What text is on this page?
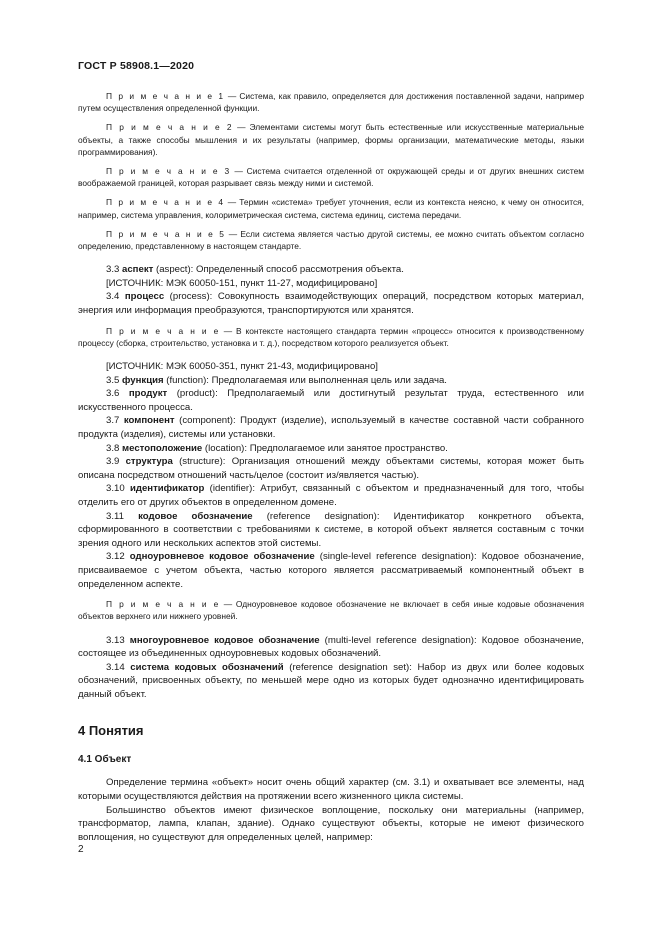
ГОСТ Р 58908.1—2020

П р и м е ч а н и е 1 — Система, как правило, определяется для достижения поставленной задачи, например путем осуществления определенной функции.

П р и м е ч а н и е 2 — Элементами системы могут быть естественные или искусственные материальные объекты, а также способы мышления и их результаты (например, формы организации, математические методы, языки программирования).

П р и м е ч а н и е 3 — Система считается отделенной от окружающей среды и от других внешних систем воображаемой границей, которая разрывает связь между ними и системой.

П р и м е ч а н и е 4 — Термин «система» требует уточнения, если из контекста неясно, к чему он относится, например, система управления, колориметрическая система, система единиц, система передачи.

П р и м е ч а н и е 5 — Если система является частью другой системы, ее можно считать объектом согласно определению, представленному в настоящем стандарте.

3.3 аспект (aspect): Определенный способ рассмотрения объекта.

[ИСТОЧНИК: МЭК 60050-151, пункт 11-27, модифицировано]

3.4 процесс (process): Совокупность взаимодействующих операций, посредством которых материал, энергия или информация преобразуются, транспортируются или хранятся.

П р и м е ч а н и е — В контексте настоящего стандарта термин «процесс» относится к производственному процессу (сборка, строительство, установка и т. д.), посредством которого реализуется объект.

[ИСТОЧНИК: МЭК 60050-351, пункт 21-43, модифицировано]

3.5 функция (function): Предполагаемая или выполненная цель или задача.

3.6 продукт (product): Предполагаемый или достигнутый результат труда, естественного или искусственного процесса.

3.7 компонент (component): Продукт (изделие), используемый в качестве составной части собранного продукта (изделия), системы или установки.

3.8 местоположение (location): Предполагаемое или занятое пространство.

3.9 структура (structure): Организация отношений между объектами системы, которая может быть описана посредством отношений часть/целое (состоит из/является частью).

3.10 идентификатор (identifier): Атрибут, связанный с объектом и предназначенный для того, чтобы отделить его от других объектов в определенном домене.

3.11 кодовое обозначение (reference designation): Идентификатор конкретного объекта, сформированного в соответствии с требованиями к системе, в которой объект является составным с точки зрения одного или нескольких аспектов этой системы.

3.12 одноуровневое кодовое обозначение (single-level reference designation): Кодовое обозначение, присваиваемое с учетом объекта, частью которого является рассматриваемый компонентный объект в определенном аспекте.

П р и м е ч а н и е — Одноуровневое кодовое обозначение не включает в себя иные кодовые обозначения объектов верхнего или нижнего уровней.

3.13 многоуровневое кодовое обозначение (multi-level reference designation): Кодовое обозначение, состоящее из объединенных одноуровневых кодовых обозначений.

3.14 система кодовых обозначений (reference designation set): Набор из двух или более кодовых обозначений, присвоенных объекту, по меньшей мере одно из которых будет однозначно идентифицировать данный объект.

4 Понятия
4.1 Объект

Определение термина «объект» носит очень общий характер (см. 3.1) и охватывает все элементы, над которыми осуществляются действия на протяжении всего жизненного цикла системы.

Большинство объектов имеют физическое воплощение, поскольку они материальны (например, трансформатор, лампа, клапан, здание). Однако существуют объекты, которые не имеют физического воплощения, но существуют для определенных целей, например:

2
